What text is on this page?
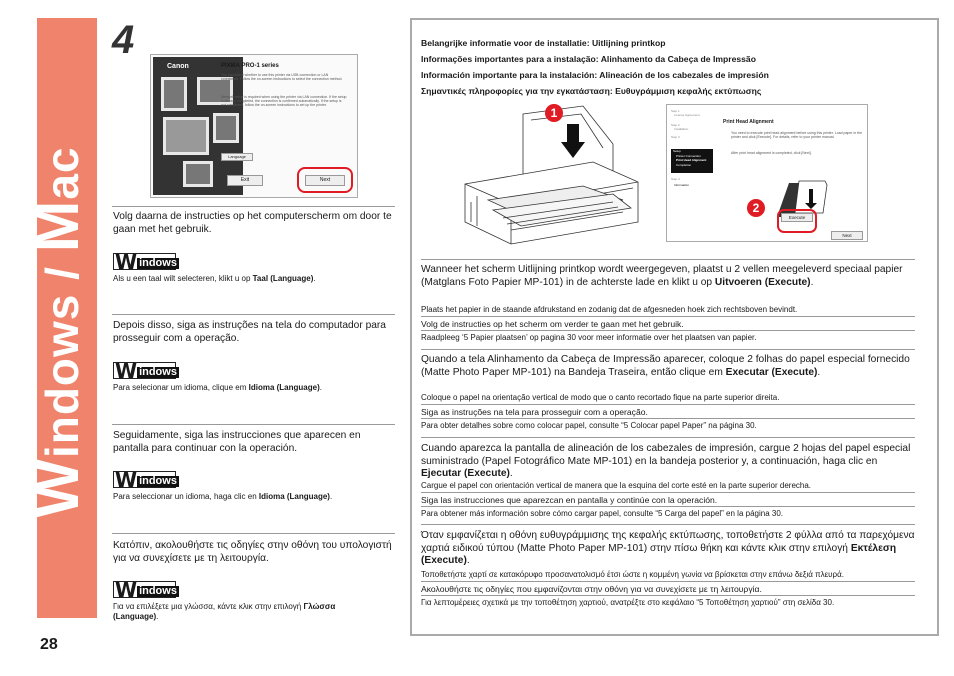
Windows / Mac
4
28
Canon	PIXMA PRO-1 series
You can select whether to use this printer via USB connection or LAN connection. Follow the on-screen instructions to select the connection method.
Network setup is required when using the printer via LAN connection. If the setup is already completed, the connection is confirmed automatically. If the setup is not completed, follow the on-screen instructions to set up the printer.
Language
Exit	Next
Volg daarna de instructies op het computerscherm om door te gaan met het gebruik.
W indows
Als u een taal wilt selecteren, klikt u op Taal (Language).
Depois disso, siga as instruções na tela do computador para prosseguir com a operação.
W indows
Para selecionar um idioma, clique em Idioma (Language).
Seguidamente, siga las instrucciones que aparecen en pantalla para continuar con la operación.
W indows
Para seleccionar un idioma, haga clic en Idioma (Language).
Κατόπιν, ακολουθήστε τις οδηγίες στην οθόνη του υπολογιστή για να συνεχίσετε με τη λειτουργία.
W indows
Για να επιλέξετε μια γλώσσα, κάντε κλικ στην επιλογή Γλώσσα (Language).
Belangrijke informatie voor de installatie: Uitlijning printkop
Informações importantes para a instalação: Alinhamento da Cabeça de Impressão
Información importante para la instalación: Alineación de los cabezales de impresión
Σημαντικές πληροφορίες για την εγκατάσταση: Ευθυγράμμιση κεφαλής εκτύπωσης
1	Step 1
License Agreement
Step 2
Installation
Step 3
Setup
Printer Connection
Print Head Alignment
Completion
Step 4
Information
Print Head Alignment
You need to execute print head alignment before using this printer. Load paper in the printer and click [Execute]. For details, refer to your printer manual.
After print head alignment is completed, click [Next].
Execute
Next
2
Wanneer het scherm Uitlijning printkop wordt weergegeven, plaatst u 2 vellen meegeleverd speciaal papier (Matglans Foto Papier MP-101) in de achterste lade en klikt u op Uitvoeren (Execute).
Plaats het papier in de staande afdrukstand en zodanig dat de afgesneden hoek zich rechtsboven bevindt.
Volg de instructies op het scherm om verder te gaan met het gebruik.
Raadpleeg ‘5 Papier plaatsen’ op pagina 30 voor meer informatie over het plaatsen van papier.
Quando a tela Alinhamento da Cabeça de Impressão aparecer, coloque 2 folhas do papel especial fornecido (Matte Photo Paper MP-101) na Bandeja Traseira, então clique em Executar (Execute).
Coloque o papel na orientação vertical de modo que o canto recortado fique na parte superior direita.
Siga as instruções na tela para prosseguir com a operação.
Para obter detalhes sobre como colocar papel, consulte “5 Colocar papel Paper” na página 30.
Cuando aparezca la pantalla de alineación de los cabezales de impresión, cargue 2 hojas del papel especial suministrado (Papel Fotográfico Mate MP-101) en la bandeja posterior y, a continuación, haga clic en Ejecutar (Execute).
Cargue el papel con orientación vertical de manera que la esquina del corte esté en la parte superior derecha.
Siga las instrucciones que aparezcan en pantalla y continúe con la operación.
Para obtener más información sobre cómo cargar papel, consulte “5 Carga del papel” en la página 30.
Όταν εμφανίζεται η οθόνη ευθυγράμμισης της κεφαλής εκτύπωσης, τοποθετήστε 2 φύλλα από τα παρεχόμενα χαρτιά ειδικού τύπου (Matte Photo Paper MP-101) στην πίσω θήκη και κάντε κλικ στην επιλογή Εκτέλεση (Execute).
Τοποθετήστε χαρτί σε κατακόρυφο προσανατολισμό έτσι ώστε η κομμένη γωνία να βρίσκεται στην επάνω δεξιά πλευρά.
Ακολουθήστε τις οδηγίες που εμφανίζονται στην οθόνη για να συνεχίσετε με τη λειτουργία.
Για λεπτομέρειες σχετικά με την τοποθέτηση χαρτιού, ανατρέξτε στο κεφάλαιο “5 Τοποθέτηση χαρτιού” στη σελίδα 30.
